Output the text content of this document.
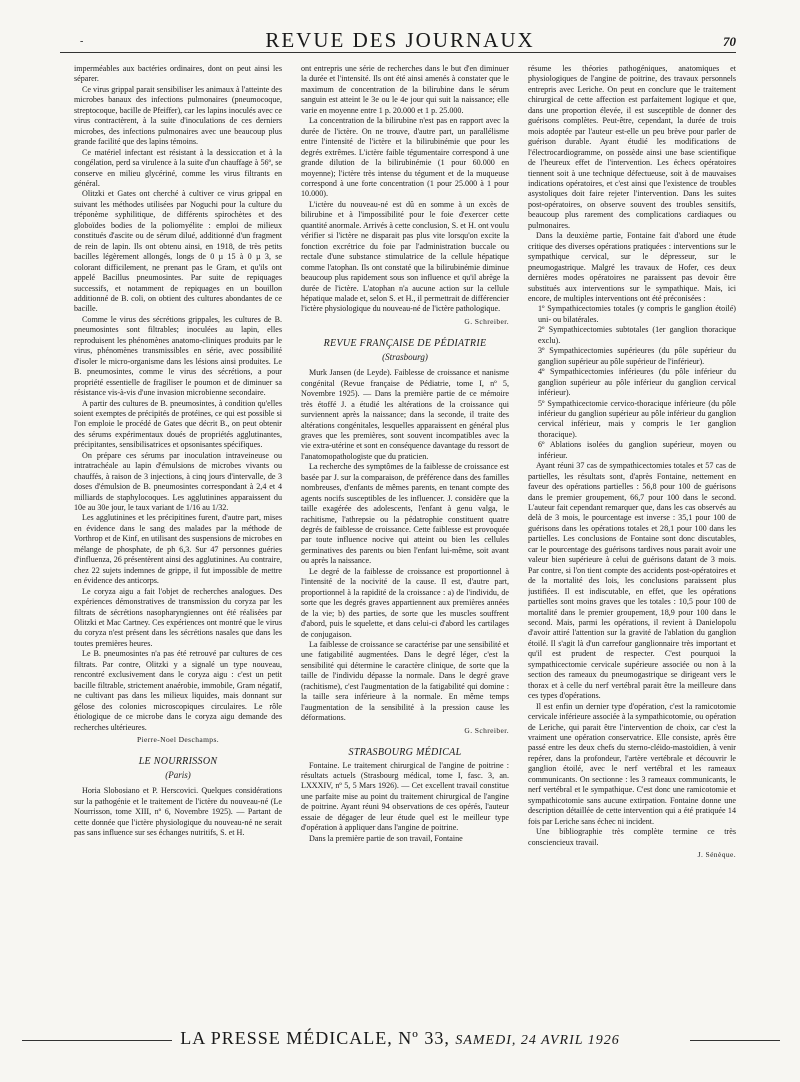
-	REVUE DES JOURNAUX	70

imperméables aux bactéries ordinaires, dont on peut ainsi les séparer.

Ce virus grippal parait sensibiliser les animaux à l'atteinte des microbes banaux des infections pulmonaires (pneumocoque, streptocoque, bacille de Pfeiffer), car les lapins inoculés avec ce virus contractèrent, à la suite d'inoculations de ces derniers microbes, des infections pulmonaires avec une beaucoup plus grande facilité que des lapins témoins.

Ce matériel infectant est résistant à la dessiccation et à la congélation, perd sa virulence à la suite d'un chauffage à 56º, se conserve en milieu glycériné, comme les virus filtrants en général.

Olitzki et Gates ont cherché à cultiver ce virus grippal en suivant les méthodes utilisées par Noguchi pour la culture du tréponème syphilitique, de différents spirochètes et des globoïdes bodies de la poliomyélite : emploi de milieux constitués d'ascite ou de sérum dilué, additionné d'un fragment de rein de lapin. Ils ont obtenu ainsi, en 1918, de très petits bacilles légèrement allongés, longs de 0 µ 15 à 0 µ 3, se colorant difficilement, ne prenant pas le Gram, et qu'ils ont appelé Bacillus pneumosintes. Par suite de repiquages successifs, et notamment de repiquages en un bouillon additionné de B. coli, on obtient des cultures abondantes de ce bacille.

Comme le virus des sécrétions grippales, les cultures de B. pneumosintes sont filtrables; inoculées au lapin, elles reproduisent les phénomènes anatomo-cliniques produits par le virus, phénomènes transmissibles en série, avec possibilité d'isoler le micro-organisme dans les lésions ainsi produites. Le B. pneumosintes, comme le virus des sécrétions, a pour propriété essentielle de fragiliser le poumon et de diminuer sa résistance vis-à-vis d'une invasion microbienne secondaire.

A partir des cultures de B. pneumosintes, à condition qu'elles soient exemptes de précipités de protéines, ce qui est possible si l'on emploie le procédé de Gates que décrit B., on peut obtenir des sérums expérimentaux doués de propriétés agglutinantes, précipitantes, sensibilisatrices et opsonisantes spécifiques.

On prépare ces sérums par inoculation intraveineuse ou intratrachéale au lapin d'émulsions de microbes vivants ou chauffés, à raison de 3 injections, à cinq jours d'intervalle, de 3 doses d'émulsion de B. pneumosintes correspondant à 2,4 et 4 milliards de staphylocoques. Les agglutinines apparaissent du 10e au 30e jour, le taux variant de 1/16 au 1/32.

Les agglutinines et les précipitines furent, d'autre part, mises en évidence dans le sang des malades par la méthode de Vorthrop et de Kinf, en utilisant des suspensions de microbes en mélange de phosphate, de ph 6,3. Sur 47 personnes guéries d'influenza, 26 présentèrent ainsi des agglutinines. Au contraire, chez 22 sujets indemnes de grippe, il fut impossible de mettre en évidence des anticorps.

Le coryza aigu a fait l'objet de recherches analogues. Des expériences démonstratives de transmission du coryza par les filtrats de sécrétions nasopharyngiennes ont été réalisées par Olitzki et Mac Cartney. Ces expériences ont montré que le virus du coryza n'est présent dans les sécrétions nasales que dans les toutes premières heures.

Le B. pneumosintes n'a pas été retrouvé par cultures de ces filtrats. Par contre, Olitzki y a signalé un type nouveau, rencontré exclusivement dans le coryza aigu : c'est un petit bacille filtrable, strictement anaérobie, immobile, Gram négatif, ne cultivant pas dans les milieux liquides, mais donnant sur gélose des colonies microscopiques circulaires. Le rôle étiologique de ce microbe dans le coryza aigu demande des recherches ultérieures.

Pierre-Noel Deschamps.
LE NOURRISSON
(Paris)

Horia Slobosiano et P. Herscovici. Quelques considérations sur la pathogénie et le traitement de l'ictère du nouveau-né (Le Nourrisson, tome XIII, nº 6, Novembre 1925). — Partant de cette donnée que l'ictère physiologique du nouveau-né ne serait pas sans influence sur ses échanges nutritifs, S. et H.

ont entrepris une série de recherches dans le but d'en diminuer la durée et l'intensité. Ils ont été ainsi amenés à constater que le maximum de concentration de la bilirubine dans le sérum sanguin est atteint le 3e ou le 4e jour qui suit la naissance; elle varie en moyenne entre 1 p. 20.000 et 1 p. 25.000.

La concentration de la bilirubine n'est pas en rapport avec la durée de l'ictère. On ne trouve, d'autre part, un parallélisme entre l'intensité de l'ictère et la bilirubinémie que pour les degrés extrêmes. L'ictère faible tégumentaire correspond à une grande dilution de la bilirubinémie (1 pour 60.000 en moyenne); l'ictère très intense du tégument et de la muqueuse correspond à une forte concentration (1 pour 25.000 à 1 pour 10.000).

L'ictère du nouveau-né est dû en somme à un excès de bilirubine et à l'impossibilité pour le foie d'exercer cette quantité anormale. Arrivés à cette conclusion, S. et H. ont voulu vérifier si l'ictère ne disparait pas plus vite lorsqu'on excite la fonction excrétrice du foie par l'administration buccale ou rectale d'une substance stimulatrice de la cellule hépatique comme l'atophan. Ils ont constaté que la bilirubinémie diminue beaucoup plus rapidement sous son influence et qu'il abrège la durée de l'ictère. L'atophan n'a aucune action sur la cellule hépatique malade et, selon S. et H., il permettrait de différencier l'ictère physiologique du nouveau-né de l'ictère pathologique.

G. Schreiber.
REVUE FRANÇAISE DE PÉDIATRIE
(Strasbourg)

Murk Jansen (de Leyde). Faiblesse de croissance et nanisme congénital (Revue française de Pédiatrie, tome I, nº 5, Novembre 1925). — Dans la première partie de ce mémoire très étoffé J. a étudié les altérations de la croissance qui surviennent après la naissance; dans la seconde, il traite des altérations congénitales, lesquelles apparaissent en général plus graves que les premières, sont souvent incompatibles avec la vie extra-utérine et sont en conséquence davantage du ressort de l'anatomopathologiste que du praticien.

La recherche des symptômes de la faiblesse de croissance est basée par J. sur la comparaison, de préférence dans des familles nombreuses, d'enfants de mêmes parents, en tenant compte des agents nocifs susceptibles de les influencer. J. considère que la taille exagérée des adolescents, l'enfant à genu valga, le rachitisme, l'athrepsie ou la pédatrophie constituent quatre degrés de faiblesse de croissance. Cette faiblesse est provoquée par toute influence nocive qui atteint ou bien les cellules germinatives des parents ou bien l'enfant lui-même, soit avant ou après la naissance.

Le degré de la faiblesse de croissance est proportionnel à l'intensité de la nocivité de la cause. Il est, d'autre part, proportionnel à la rapidité de la croissance : a) de l'individu, de sorte que les degrés graves appartiennent aux premières années de la vie; b) des parties, de sorte que les muscles souffrent d'abord, puis le squelette, et dans celui-ci d'abord les cartilages de conjugaison.

La faiblesse de croissance se caractérise par une sensibilité et une fatigabilité augmentées. Dans le degré léger, c'est la sensibilité qui détermine le caractère clinique, de sorte que la taille de l'individu dépasse la normale. Dans le degré grave (rachitisme), c'est l'augmentation de la fatigabilité qui domine : la taille sera inférieure à la normale. En même temps l'augmentation de la sensibilité à la pression cause les déformations.

G. Schreiber.
STRASBOURG MÉDICAL

Fontaine. Le traitement chirurgical de l'angine de poitrine : résultats actuels (Strasbourg médical, tome I, fasc. 3, an. LXXXIV, nº 5, 5 Mars 1926). — Cet excellent travail constitue une parfaite mise au point du traitement chirurgical de l'angine de poitrine. Ayant réuni 94 observations de ces opérés, l'auteur essaie de dégager de leur étude quel est le meilleur type d'opération à appliquer dans l'angine de poitrine.

Dans la première partie de son travail, Fontaine

résume les théories pathogéniques, anatomiques et physiologiques de l'angine de poitrine, des travaux personnels entrepris avec Leriche. On peut en conclure que le traitement chirurgical de cette affection est parfaitement logique et que, dans une proportion élevée, il est susceptible de donner des guérisons complètes. Peut-être, cependant, la durée de trois mois adoptée par l'auteur est-elle un peu brève pour parler de guérison durable. Ayant étudié les modifications de l'électrocardiogramme, on possède ainsi une base scientifique de l'heureux effet de l'intervention. Les échecs opératoires tiennent soit à une technique défectueuse, soit à de mauvaises indications opératoires, et c'est ainsi que l'existence de troubles asystoliques doit faire rejeter l'intervention. Dans les suites post-opératoires, on observe souvent des troubles sensitifs, beaucoup plus rarement des complications cardiaques ou pulmonaires.

Dans la deuxième partie, Fontaine fait d'abord une étude critique des diverses opérations pratiquées : interventions sur le sympathique cervical, sur le dépresseur, sur le pneumogastrique. Malgré les travaux de Hofer, ces deux dernières modes opératoires ne paraissent pas devoir être substitués aux interventions sur le sympathique. Mais, ici encore, de multiples interventions ont été préconisées :

1º Sympathicectomies totales (y compris le ganglion étoilé) uni- ou bilatérales.

2º Sympathicectomies subtotales (1er ganglion thoracique exclu).

3º Sympathicectomies supérieures (du pôle supérieur du ganglion supérieur au pôle supérieur de l'inférieur).

4º Sympathicectomies inférieures (du pôle inférieur du ganglion supérieur au pôle inférieur du ganglion cervical inférieur).

5º Sympathicectomie cervico-thoracique inférieure (du pôle inférieur du ganglion supérieur au pôle inférieur du ganglion cervical inférieur, mais y compris le 1er ganglion thoracique).

6º Ablations isolées du ganglion supérieur, moyen ou inférieur.

Ayant réuni 37 cas de sympathicectomies totales et 57 cas de partielles, les résultats sont, d'après Fontaine, nettement en faveur des opérations partielles : 56,8 pour 100 de guérisons dans le premier groupement, 66,7 pour 100 dans le second. L'auteur fait cependant remarquer que, dans les cas observés au delà de 3 mois, le pourcentage est inverse : 35,1 pour 100 de guérisons dans les opérations totales et 28,1 pour 100 dans les partielles. Les conclusions de Fontaine sont donc discutables, car le pourcentage des guérisons tardives nous parait avoir une valeur bien supérieure à celui de guérisons datant de 3 mois. Par contre, si l'on tient compte des accidents post-opératoires et de la mortalité des lois, les conclusions paraissent plus justifiées. Il est indiscutable, en effet, que les opérations partielles sont moins graves que les totales : 10,5 pour 100 de mortalité dans le premier groupement, 18,9 pour 100 dans le second. Mais, parmi les opérations, il revient à Danielopolu d'avoir attiré l'attention sur la gravité de l'ablation du ganglion étoilé. Il s'agit là d'un carrefour ganglionnaire très important et qu'il est prudent de respecter. C'est pourquoi la sympathicectomie cervicale supérieure associée ou non à la section des rameaux du pneumogastrique se dirigeant vers le thorax et à celle du nerf vertébral parait être la meilleure dans ces types d'opérations.

Il est enfin un dernier type d'opération, c'est la ramicotomie cervicale inférieure associée à la sympathicotomie, ou opération de Leriche, qui parait être l'intervention de choix, car c'est la vraiment une opération conservatrice. Elle consiste, après être passé entre les deux chefs du sterno-cléido-mastoïdien, à venir repérer, dans la profondeur, l'artère vertébrale et découvrir le ganglion étoilé, avec le nerf vertébral et les rameaux communicants. On sectionne : les 3 rameaux communicants, le nerf vertébral et le sympathique. C'est donc une ramicotomie et sympathicotomie sans aucune extirpation. Fontaine donne une description détaillée de cette intervention qui a été pratiquée 14 fois par Leriche sans échec ni incident.

Une bibliographie très complète termine ce très consciencieux travail.

J. Sénèque.
LA PRESSE MÉDICALE, Nº 33, SAMEDI, 24 AVRIL 1926
